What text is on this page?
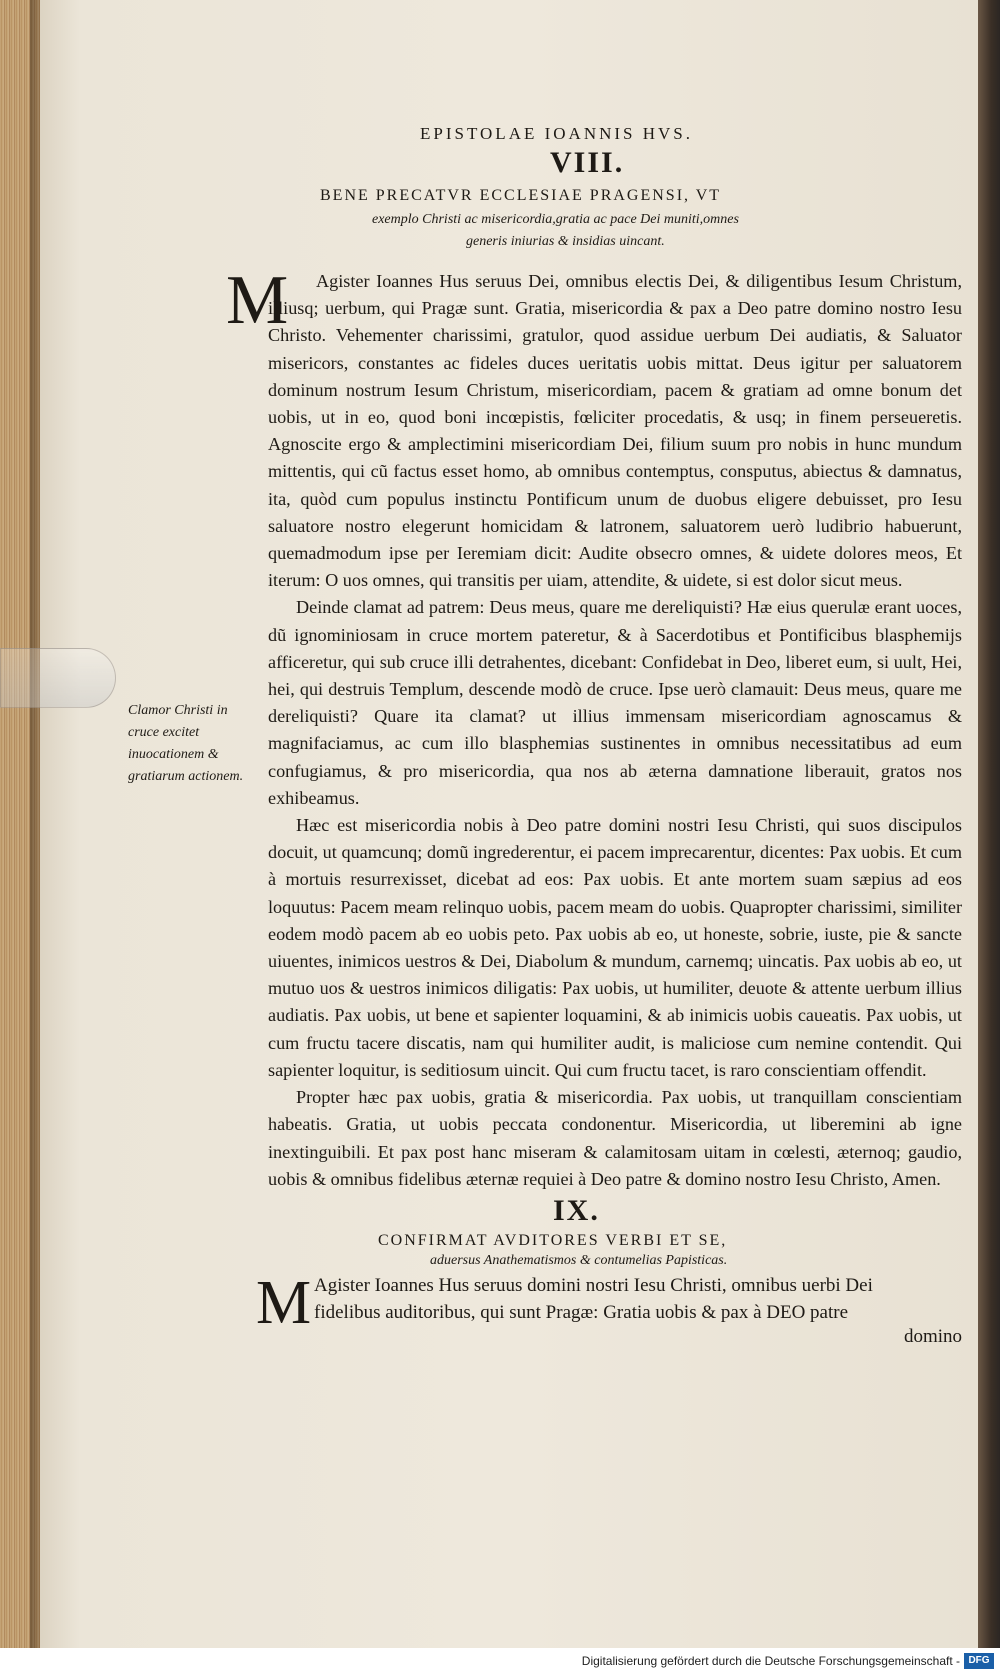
EPISTOLAE IOANNIS HVS.
VIII.
BENE PRECATVR ECCLESIAE PRAGENSI, VT
exemplo Christi ac misericordia,gratia ac pace Dei muniti,omnes
generis iniurias & insidias uincant.
M	Agister Ioannes Hus seruus Dei, omnibus electis Dei, & diligentibus Iesum Christum, illiusq; uerbum, qui Pragæ sunt. Gratia, misericordia & pax a Deo patre domino nostro Iesu Christo. Vehementer charissimi, gratulor, quod assidue uerbum Dei audiatis, & Saluator misericors, constantes ac fideles duces ueritatis uobis mittat. Deus igitur per saluatorem dominum nostrum Iesum Christum, misericordiam, pacem & gratiam ad omne bonum det uobis, ut in eo, quod boni incœpistis, fœliciter procedatis, & usq; in finem perseueretis. Agnoscite ergo & amplectimini misericordiam Dei, filium suum pro nobis in hunc mundum mittentis, qui cũ factus esset homo, ab omnibus contemptus, consputus, abiectus & damnatus, ita, quòd cum populus instinctu Pontificum unum de duobus eligere debuisset, pro Iesu saluatore nostro elegerunt homicidam & latronem, saluatorem uerò ludibrio habuerunt, quemadmodum ipse per Ieremiam dicit: Audite obsecro omnes, & uidete dolores meos, Et iterum: O uos omnes, qui transitis per uiam, attendite, & uidete, si est dolor sicut meus.

Deinde clamat ad patrem: Deus meus, quare me dereliquisti? Hæ eius querulæ erant uoces, dũ ignominiosam in cruce mortem pateretur, & à Sacerdotibus et Pontificibus blasphemijs afficeretur, qui sub cruce illi detrahentes, dicebant: Confidebat in Deo, liberet eum, si uult, Hei, hei, qui destruis Templum, descende modò de cruce. Ipse uerò clamauit: Deus meus, quare me dereliquisti? Quare ita clamat? ut illius immensam misericordiam agnoscamus & magnifaciamus, ac cum illo blasphemias sustinentes in omnibus necessitatibus ad eum confugiamus, & pro misericordia, qua nos ab æterna damnatione liberauit, gratos nos exhibeamus.

Hæc est misericordia nobis à Deo patre domini nostri Iesu Christi, qui suos discipulos docuit, ut quamcunq; domũ ingrederentur, ei pacem imprecarentur, dicentes: Pax uobis. Et cum à mortuis resurrexisset, dicebat ad eos: Pax uobis. Et ante mortem suam sæpius ad eos loquutus: Pacem meam relinquo uobis, pacem meam do uobis. Quapropter charissimi, similiter eodem modò pacem ab eo uobis peto. Pax uobis ab eo, ut honeste, sobrie, iuste, pie & sancte uiuentes, inimicos uestros & Dei, Diabolum & mundum, carnemq; uincatis. Pax uobis ab eo, ut mutuo uos & uestros inimicos diligatis: Pax uobis, ut humiliter, deuote & attente uerbum illius audiatis. Pax uobis, ut bene et sapienter loquamini, & ab inimicis uobis caueatis. Pax uobis, ut cum fructu tacere discatis, nam qui humiliter audit, is maliciose cum nemine contendit. Qui sapienter loquitur, is seditiosum uincit. Qui cum fructu tacet, is raro conscientiam offendit.

Propter hæc pax uobis, gratia & misericordia. Pax uobis, ut tranquillam conscientiam habeatis. Gratia, ut uobis peccata condonentur. Misericordia, ut liberemini ab igne inextinguibili. Et pax post hanc miseram & calamitosam uitam in cœlesti, æternoq; gaudio, uobis & omnibus fidelibus æternæ requiei à Deo patre & domino nostro Iesu Christo, Amen.

Clamor Christi in cruce excitet inuocationem & gratiarum actionem.
IX.
CONFIRMAT AVDITORES VERBI ET SE,
aduersus Anathematismos & contumelias Papisticas.
M Agister Ioannes Hus seruus domini nostri Iesu Christi, omnibus uerbi Dei

fidelibus auditoribus, qui sunt Pragæ: Gratia uobis & pax à DEO patre

domino
Digitalisierung gefördert durch die Deutsche Forschungsgemeinschaft - DFG
